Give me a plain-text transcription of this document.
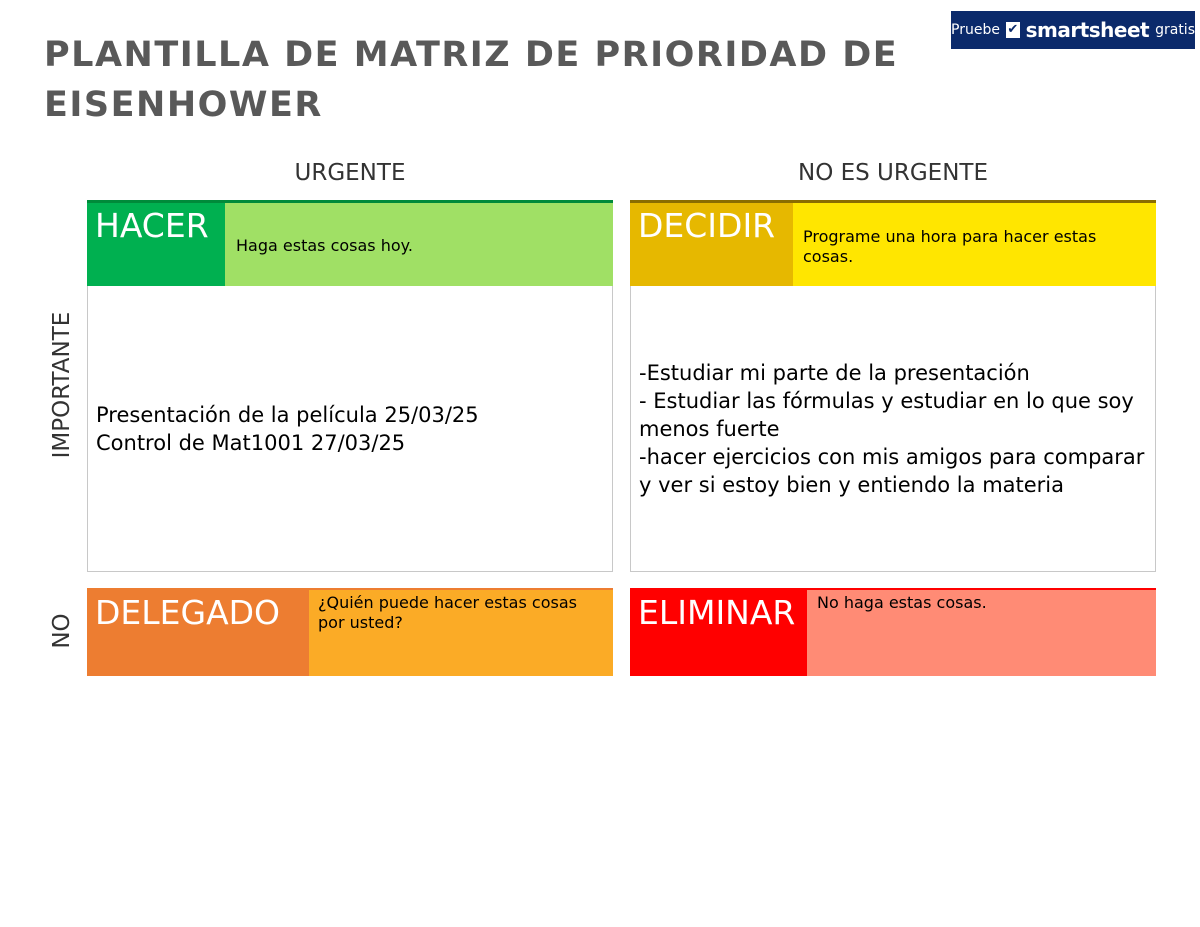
PLANTILLA DE MATRIZ DE PRIORIDAD DE EISENHOWER
Pruebe ✔ smartsheet gratis
URGENTE	NO ES URGENTE
IMPORTANTE
NO
HACER
Haga estas cosas hoy.
Presentación de la película 25/03/25
Control de Mat1001 27/03/25
DECIDIR	Programe una hora para hacer estas cosas.
-Estudiar mi parte de la presentación
- Estudiar las fórmulas y estudiar en lo que soy menos fuerte
-hacer ejercicios con mis amigos para comparar y ver si estoy bien y entiendo la materia
DELEGADO	¿Quién puede hacer estas cosas por usted?	ELIMINAR	No haga estas cosas.
